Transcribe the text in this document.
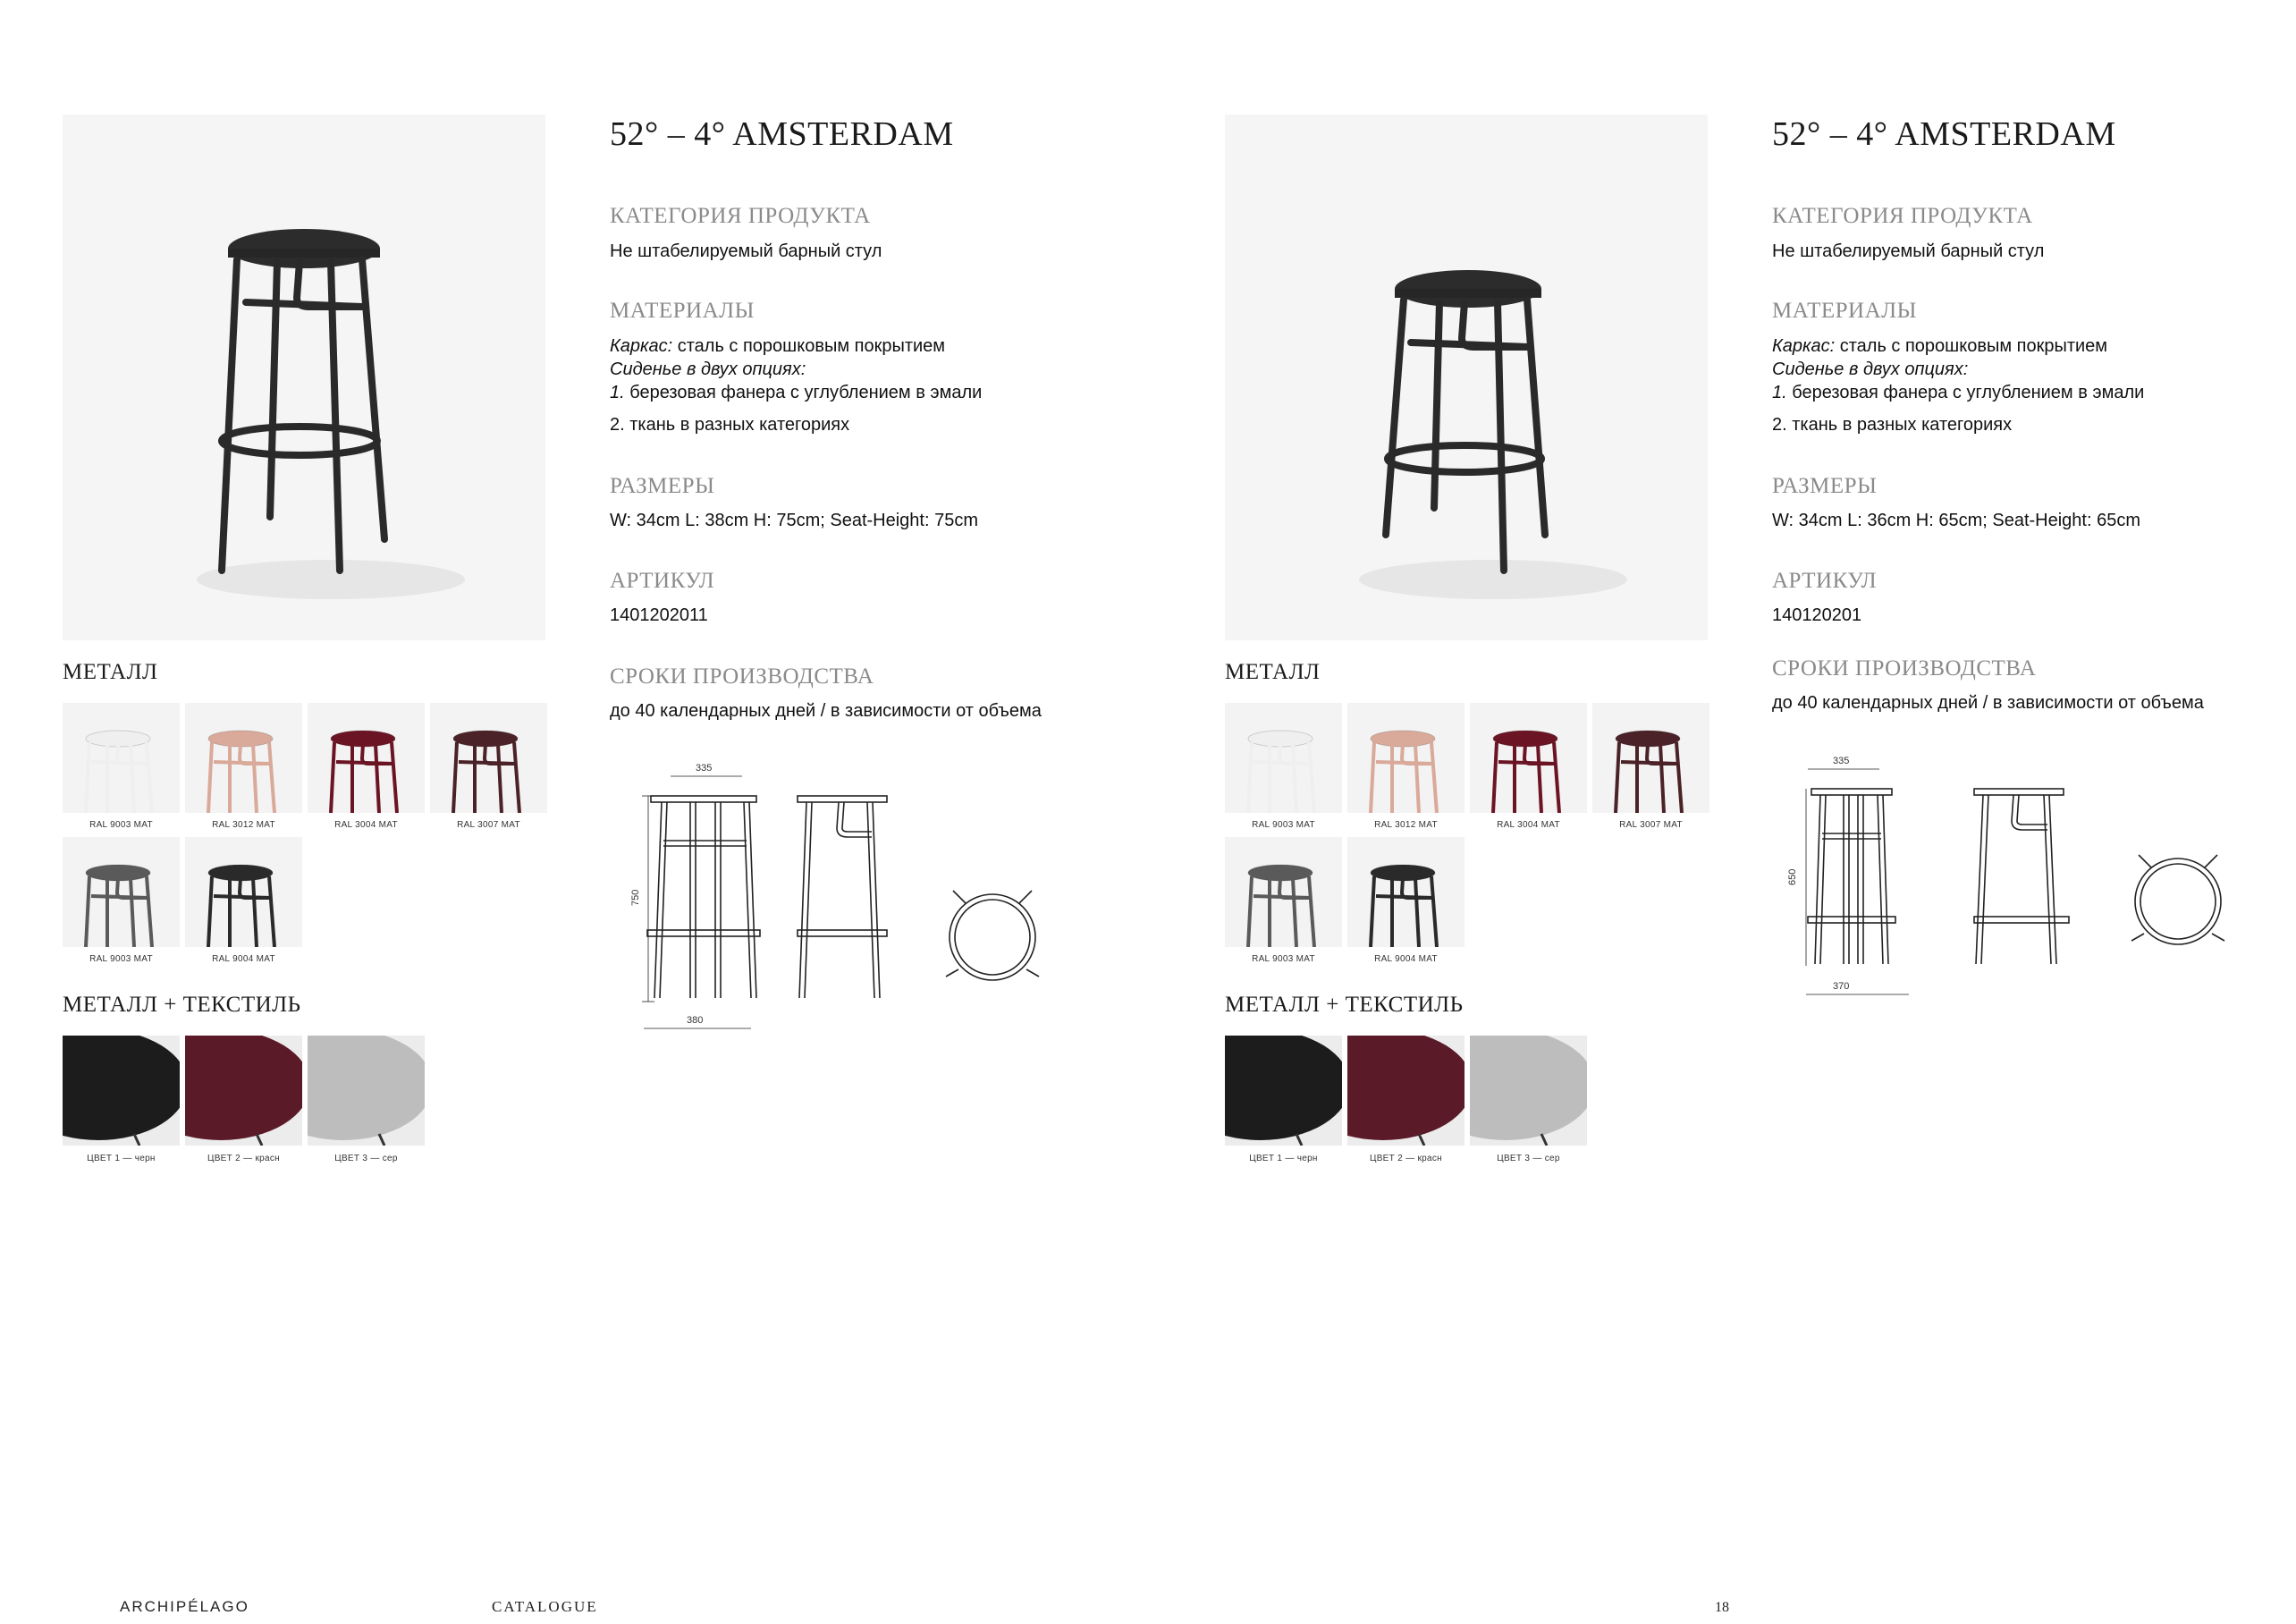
52° – 4° AMSTERDAM
КАТЕГОРИЯ ПРОДУКТА
Не штабелируемый барный стул
МАТЕРИАЛЫ
Каркас: сталь с порошковым покрытием
Сиденье в двух опциях:
1. березовая фанера с углублением в эмали
2. ткань в разных категориях
РАЗМЕРЫ
W: 34cm L: 38cm H: 75cm; Seat-Height: 75cm
АРТИКУЛ
1401202011
СРОКИ ПРОИЗВОДСТВА
до 40 календарных дней / в зависимости от объема
335
750
380
МЕТАЛЛ
RAL 9003 MAT	RAL 3012 MAT	RAL 3004 MAT	RAL 3007 MAT
RAL 9003 MAT	RAL 9004 MAT
МЕТАЛЛ + ТЕКСТИЛЬ
ЦВЕТ 1 — черн	ЦВЕТ 2 — красн	ЦВЕТ 3 — сер
52° – 4° AMSTERDAM
КАТЕГОРИЯ ПРОДУКТА
Не штабелируемый барный стул
МАТЕРИАЛЫ
Каркас: сталь с порошковым покрытием
Сиденье в двух опциях:
1. березовая фанера с углублением в эмали
2. ткань в разных категориях
РАЗМЕРЫ
W: 34cm L: 36cm H: 65cm; Seat-Height: 65cm
АРТИКУЛ
140120201
СРОКИ ПРОИЗВОДСТВА
до 40 календарных дней / в зависимости от объема
335
650
370
МЕТАЛЛ
RAL 9003 MAT	RAL 3012 MAT	RAL 3004 MAT	RAL 3007 MAT
RAL 9003 MAT	RAL 9004 MAT
МЕТАЛЛ + ТЕКСТИЛЬ
ЦВЕТ 1 — черн	ЦВЕТ 2 — красн	ЦВЕТ 3 — сер
ARCHIPÉLAGO	CATALOGUE	18
